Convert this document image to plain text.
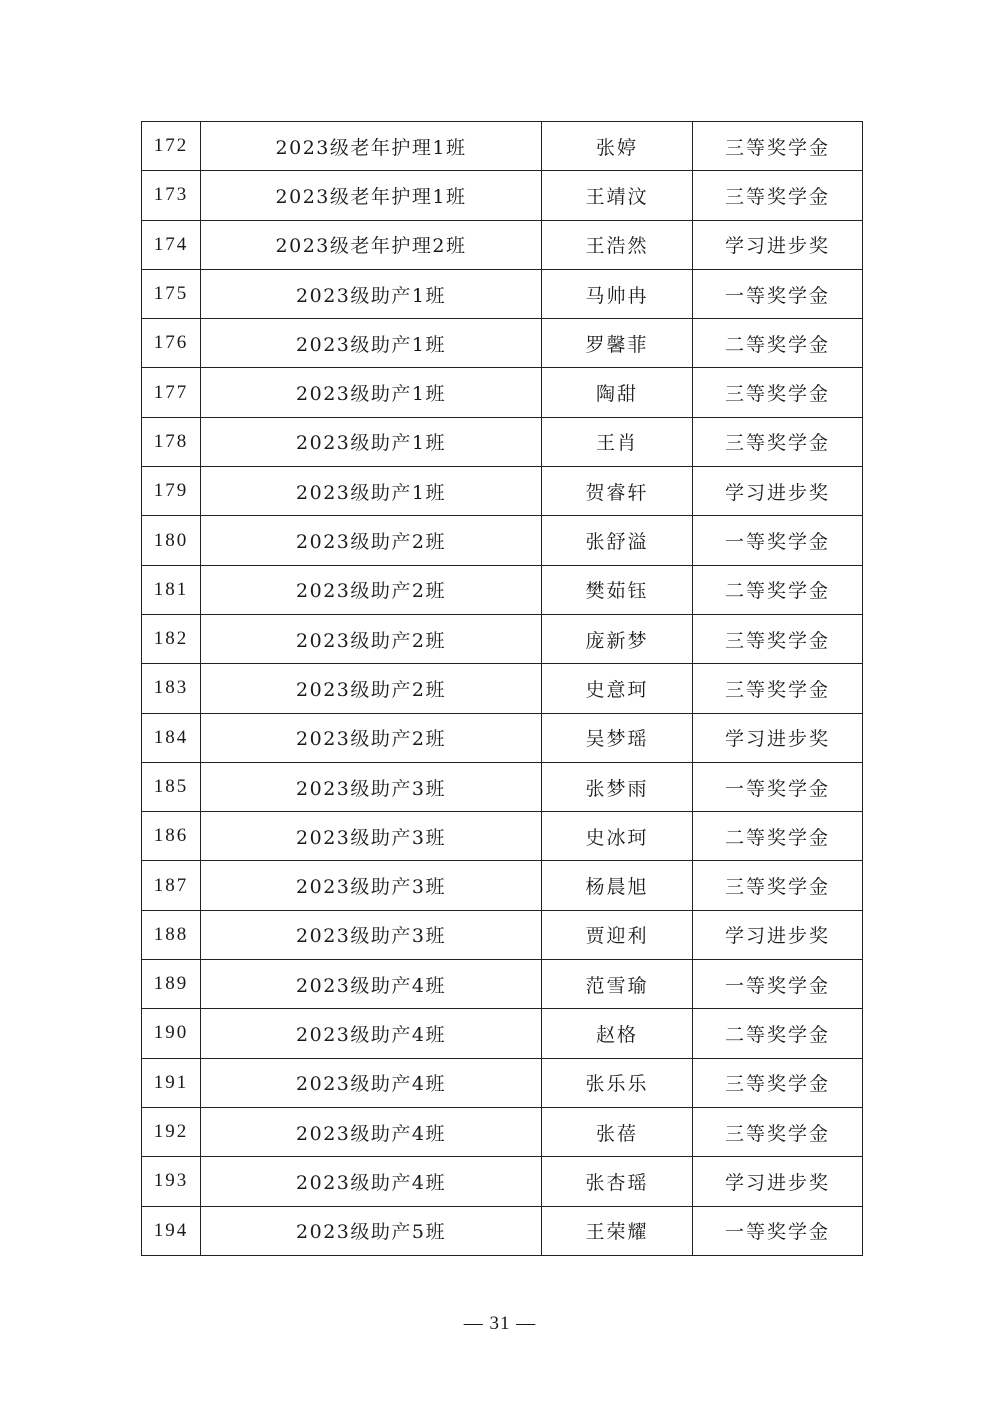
172	2023级老年护理1班	张婷	三等奖学金
173	2023级老年护理1班	王靖汶	三等奖学金
174	2023级老年护理2班	王浩然	学习进步奖
175	2023级助产1班	马帅冉	一等奖学金
176	2023级助产1班	罗馨菲	二等奖学金
177	2023级助产1班	陶甜	三等奖学金
178	2023级助产1班	王肖	三等奖学金
179	2023级助产1班	贺睿轩	学习进步奖
180	2023级助产2班	张舒溢	一等奖学金
181	2023级助产2班	樊茹钰	二等奖学金
182	2023级助产2班	庞新梦	三等奖学金
183	2023级助产2班	史意珂	三等奖学金
184	2023级助产2班	吴梦瑶	学习进步奖
185	2023级助产3班	张梦雨	一等奖学金
186	2023级助产3班	史冰珂	二等奖学金
187	2023级助产3班	杨晨旭	三等奖学金
188	2023级助产3班	贾迎利	学习进步奖
189	2023级助产4班	范雪瑜	一等奖学金
190	2023级助产4班	赵格	二等奖学金
191	2023级助产4班	张乐乐	三等奖学金
192	2023级助产4班	张蓓	三等奖学金
193	2023级助产4班	张杏瑶	学习进步奖
194	2023级助产5班	王荣耀	一等奖学金
— 31 —
